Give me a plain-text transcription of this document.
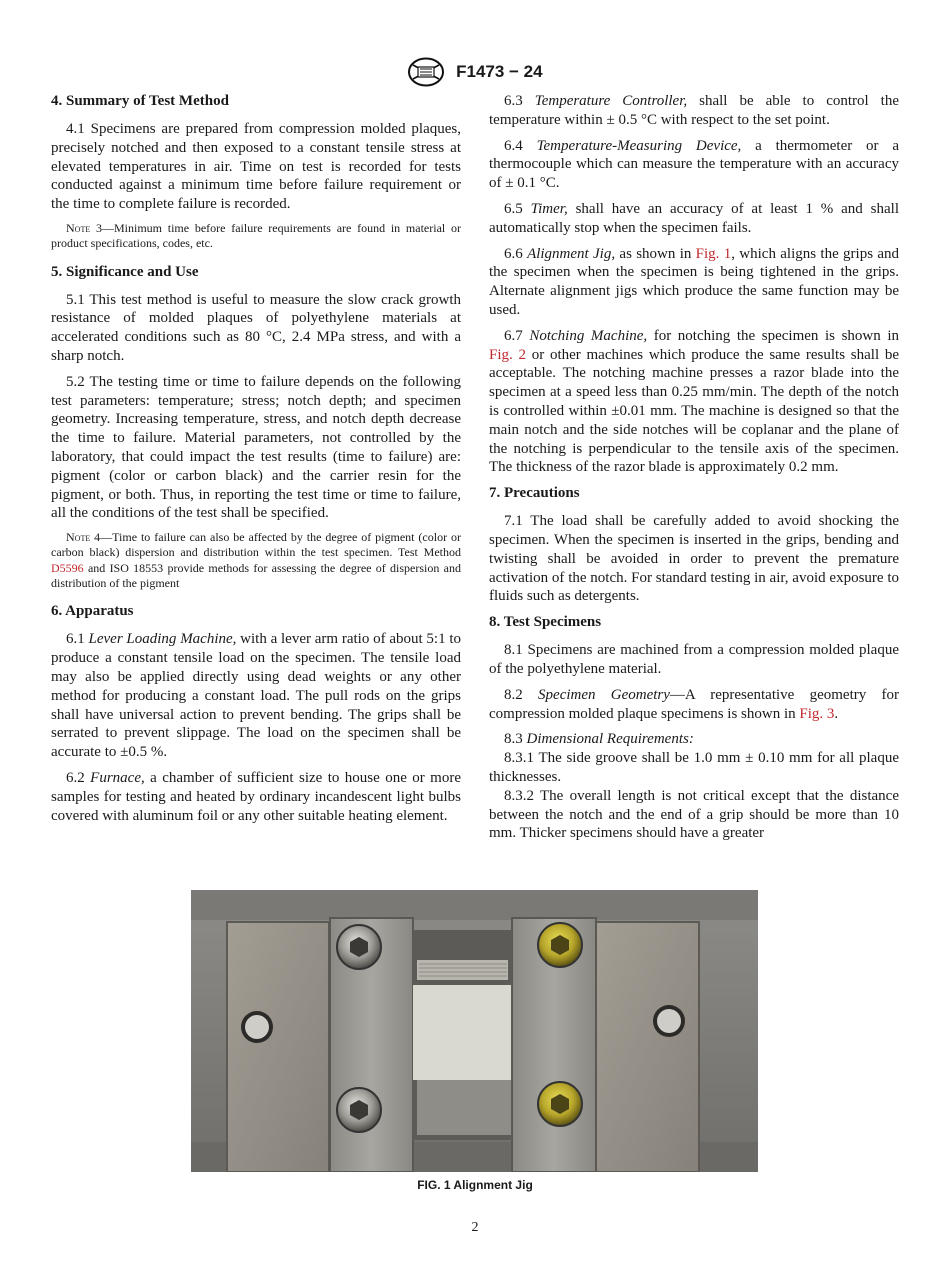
F1473 − 24
4. Summary of Test Method
4.1 Specimens are prepared from compression molded plaques, precisely notched and then exposed to a constant tensile stress at elevated temperatures in air. Time on test is recorded for tests conducted against a minimum time before failure requirement or the time to complete failure is recorded.
Note 3—Minimum time before failure requirements are found in material or product specifications, codes, etc.
5. Significance and Use
5.1 This test method is useful to measure the slow crack growth resistance of molded plaques of polyethylene materials at accelerated conditions such as 80 °C, 2.4 MPa stress, and with a sharp notch.
5.2 The testing time or time to failure depends on the following test parameters: temperature; stress; notch depth; and specimen geometry. Increasing temperature, stress, and notch depth decrease the time to failure. Material parameters, not controlled by the laboratory, that could impact the test results (time to failure) are: pigment (color or carbon black) and the carrier resin for the pigment, or both. Thus, in reporting the test time or time to failure, all the conditions of the test shall be specified.
Note 4—Time to failure can also be affected by the degree of pigment (color or carbon black) dispersion and distribution within the test specimen. Test Method D5596 and ISO 18553 provide methods for assessing the degree of dispersion and distribution of the pigment
6. Apparatus
6.1 Lever Loading Machine, with a lever arm ratio of about 5:1 to produce a constant tensile load on the specimen. The tensile load may also be applied directly using dead weights or any other method for producing a constant load. The pull rods on the grips shall have universal action to prevent bending. The grips shall be serrated to prevent slippage. The load on the specimen shall be accurate to ±0.5 %.
6.2 Furnace, a chamber of sufficient size to house one or more samples for testing and heated by ordinary incandescent light bulbs covered with aluminum foil or any other suitable heating element.
6.3 Temperature Controller, shall be able to control the temperature within ± 0.5 °C with respect to the set point.
6.4 Temperature-Measuring Device, a thermometer or a thermocouple which can measure the temperature with an accuracy of ± 0.1 °C.
6.5 Timer, shall have an accuracy of at least 1 % and shall automatically stop when the specimen fails.
6.6 Alignment Jig, as shown in Fig. 1, which aligns the grips and the specimen when the specimen is being tightened in the grips. Alternate alignment jigs which produce the same function may be used.
6.7 Notching Machine, for notching the specimen is shown in Fig. 2 or other machines which produce the same results shall be acceptable. The notching machine presses a razor blade into the specimen at a speed less than 0.25 mm/min. The depth of the notch is controlled within ±0.01 mm. The machine is designed so that the main notch and the side notches will be coplanar and the plane of the notching is perpendicular to the tensile axis of the specimen. The thickness of the razor blade is approximately 0.2 mm.
7. Precautions
7.1 The load shall be carefully added to avoid shocking the specimen. When the specimen is inserted in the grips, bending and twisting shall be avoided in order to prevent the premature activation of the notch. For standard testing in air, avoid exposure to fluids such as detergents.
8. Test Specimens
8.1 Specimens are machined from a compression molded plaque of the polyethylene material.
8.2 Specimen Geometry—A representative geometry for compression molded plaque specimens is shown in Fig. 3.
8.3 Dimensional Requirements:
8.3.1 The side groove shall be 1.0 mm ± 0.10 mm for all plaque thicknesses.
8.3.2 The overall length is not critical except that the distance between the notch and the end of a grip should be more than 10 mm. Thicker specimens should have a greater
FIG. 1 Alignment Jig
2
